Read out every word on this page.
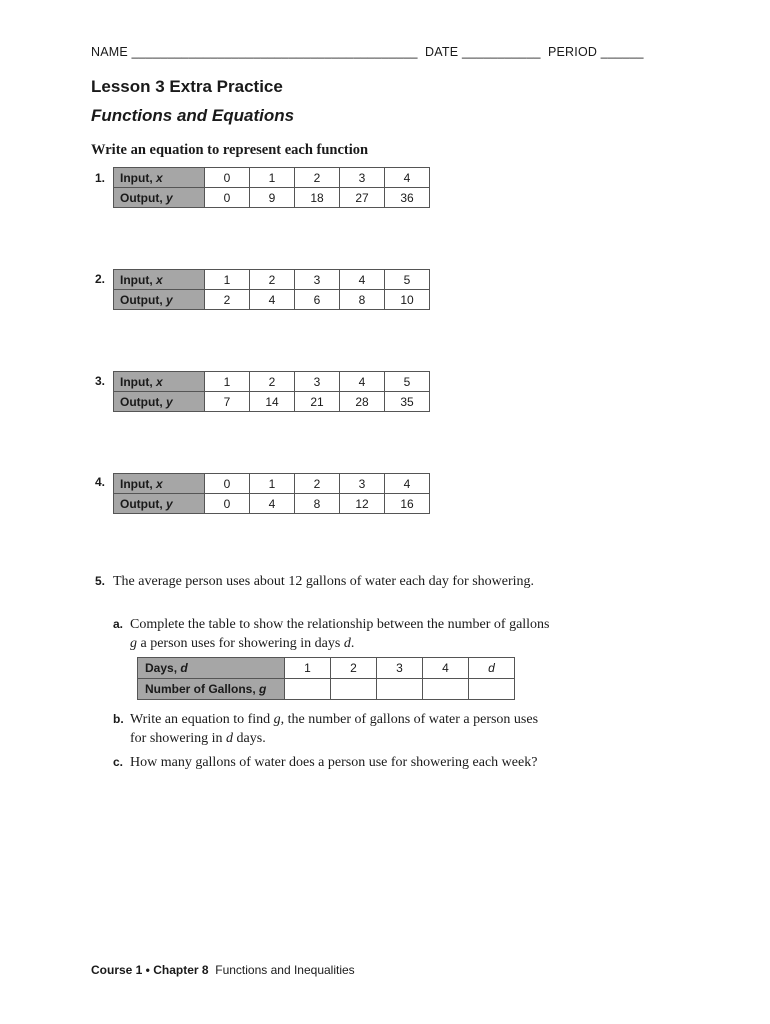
NAME ________________________________________ DATE ___________ PERIOD ______
Lesson 3 Extra Practice
Functions and Equations
Write an equation to represent each function
1. Input, x	0	1	2	3	4
Output, y	0	9	18	27	36
2. Input, x	1	2	3	4	5
Output, y	2	4	6	8	10
3. Input, x	1	2	3	4	5
Output, y	7	14	21	28	35
4. Input, x	0	1	2	3	4
Output, y	0	4	8	12	16
5. The average person uses about 12 gallons of water each day for showering.
a. Complete the table to show the relationship between the number of gallons g a person uses for showering in days d.
Days, d	1	2	3	4	d
Number of Gallons, g					
b. Write an equation to find g, the number of gallons of water a person uses for showering in d days.
c. How many gallons of water does a person use for showering each week?
Course 1 • Chapter 8 Functions and Inequalities
